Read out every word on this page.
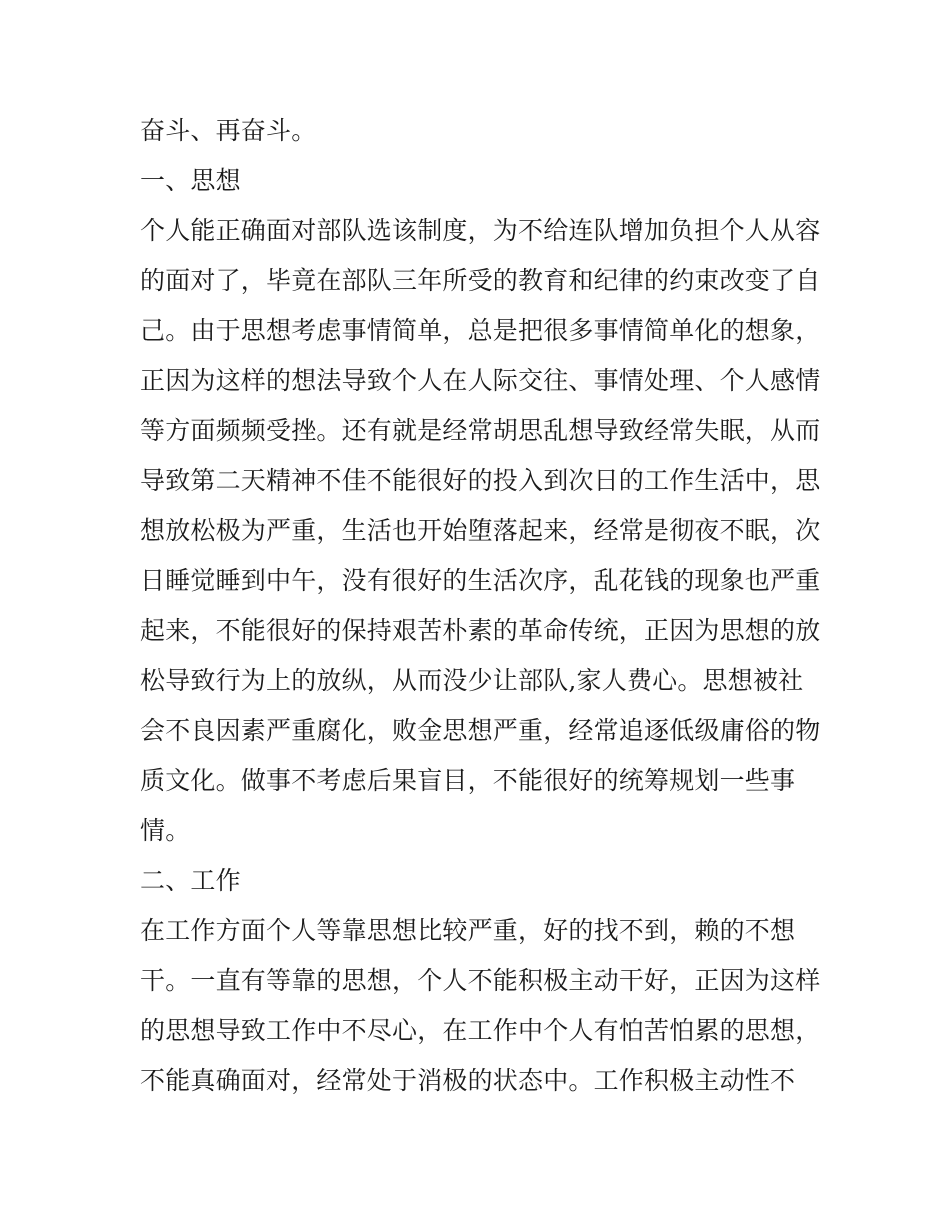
奋斗、再奋斗。
一、思想
个人能正确面对部队选该制度，为不给连队增加负担个人从容
的面对了，毕竟在部队三年所受的教育和纪律的约束改变了自
己。由于思想考虑事情简单，总是把很多事情简单化的想象，
正因为这样的想法导致个人在人际交往、事情处理、个人感情
等方面频频受挫。还有就是经常胡思乱想导致经常失眠，从而
导致第二天精神不佳不能很好的投入到次日的工作生活中，思
想放松极为严重，生活也开始堕落起来，经常是彻夜不眠，次
日睡觉睡到中午，没有很好的生活次序，乱花钱的现象也严重
起来，不能很好的保持艰苦朴素的革命传统，正因为思想的放
松导致行为上的放纵，从而没少让部队,家人费心。思想被社
会不良因素严重腐化，败金思想严重，经常追逐低级庸俗的物
质文化。做事不考虑后果盲目，不能很好的统筹规划一些事
情。
二、工作
在工作方面个人等靠思想比较严重，好的找不到，赖的不想
干。一直有等靠的思想，个人不能积极主动干好，正因为这样
的思想导致工作中不尽心，在工作中个人有怕苦怕累的思想，
不能真确面对，经常处于消极的状态中。工作积极主动性不
